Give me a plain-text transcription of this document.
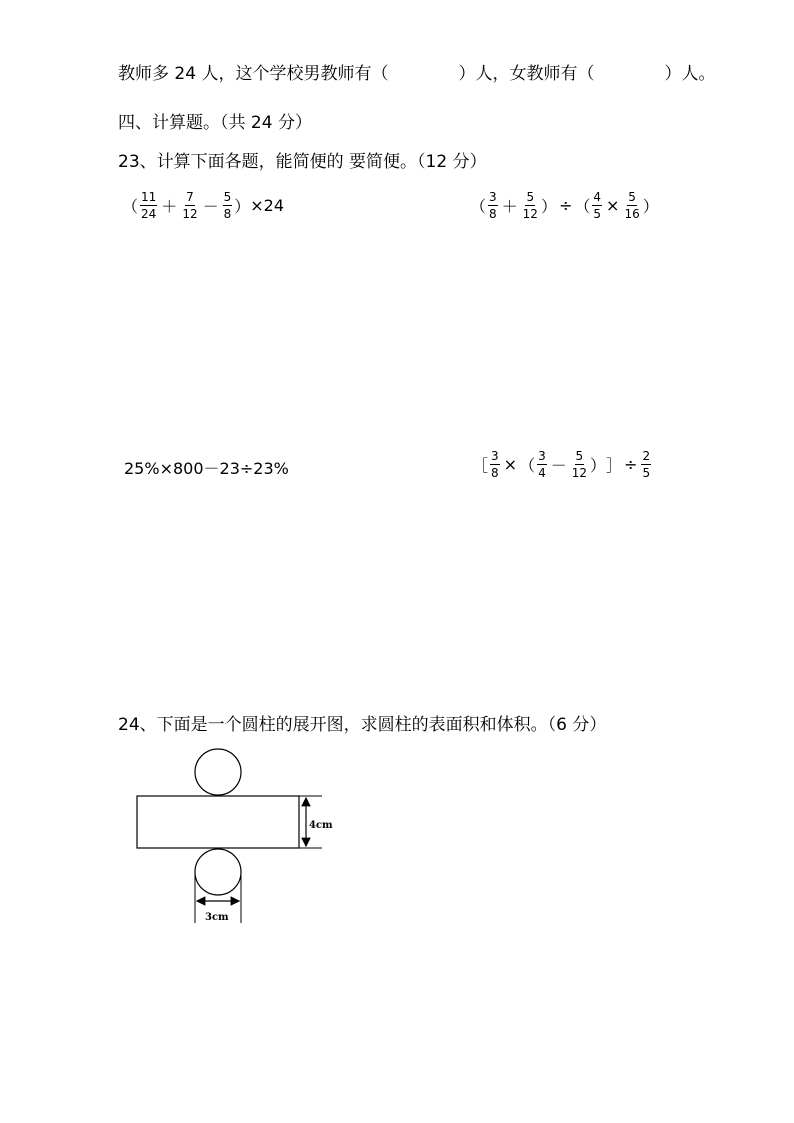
教师多 24 人，这个学校男教师有（	）人，女教师有（	）人。
四、计算题。（共 24 分）
23、计算下面各题，能简便的 要简便。（12 分）
（ $\frac{11}{24} + \frac{7}{12} - \frac{5}{8}$ ） ×24	（ $\frac{3}{8} + \frac{5}{12}$ ） ÷ （ $\frac{4}{5} \times \frac{5}{16}$ ）
25%×800－23÷23%	［ $\frac{3}{8}$ × （ $\frac{3}{4} - \frac{5}{12}$ ） ］ ÷ $\frac{2}{5}$
24、下面是一个圆柱的展开图，求圆柱的表面积和体积。（6 分）
4cm
3cm
